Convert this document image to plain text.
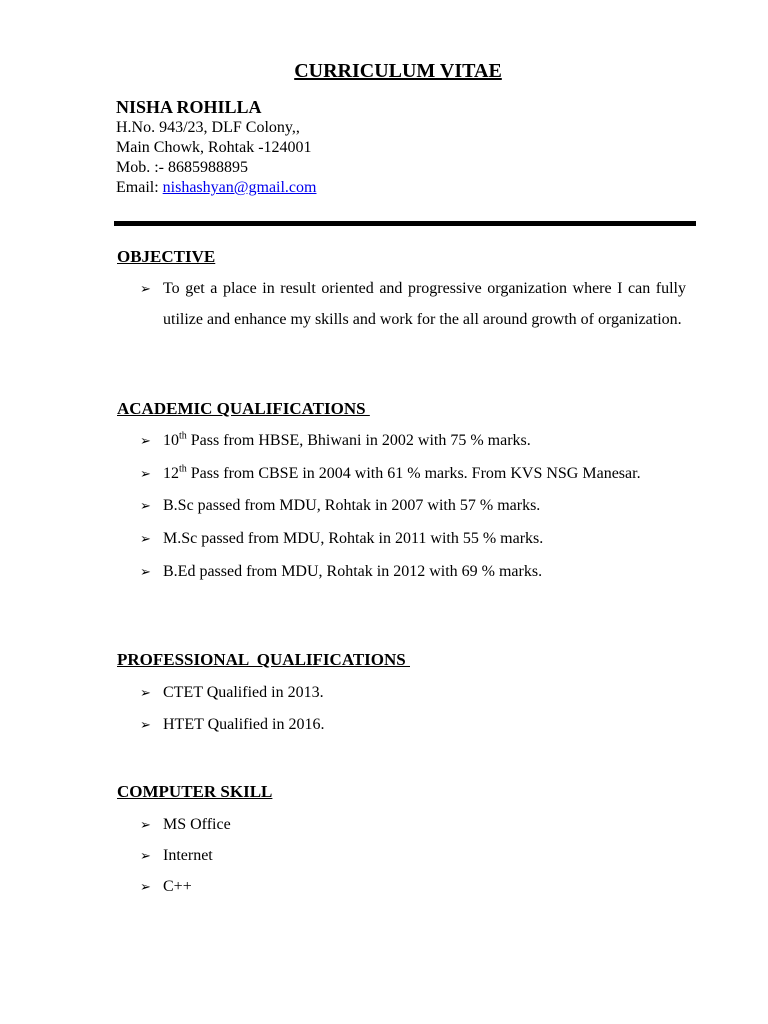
CURRICULUM VITAE
NISHA ROHILLA
H.No. 943/23, DLF Colony,,
Main Chowk, Rohtak -124001
Mob. :- 8685988895
Email: nishashyan@gmail.com
OBJECTIVE
➢ To get a place in result oriented and progressive organization where I can fully utilize and enhance my skills and work for the all around growth of organization.
ACADEMIC QUALIFICATIONS
➢ 10th Pass from HBSE, Bhiwani in 2002 with 75 % marks.
➢ 12th Pass from CBSE in 2004 with 61 % marks. From KVS NSG Manesar.
➢ B.Sc passed from MDU, Rohtak in 2007 with 57 % marks.
➢ M.Sc passed from MDU, Rohtak in 2011 with 55 % marks.
➢ B.Ed passed from MDU, Rohtak in 2012 with 69 % marks.
PROFESSIONAL  QUALIFICATIONS
➢ CTET Qualified in 2013.
➢ HTET Qualified in 2016.
COMPUTER SKILL
➢ MS Office
➢ Internet
➢ C++
